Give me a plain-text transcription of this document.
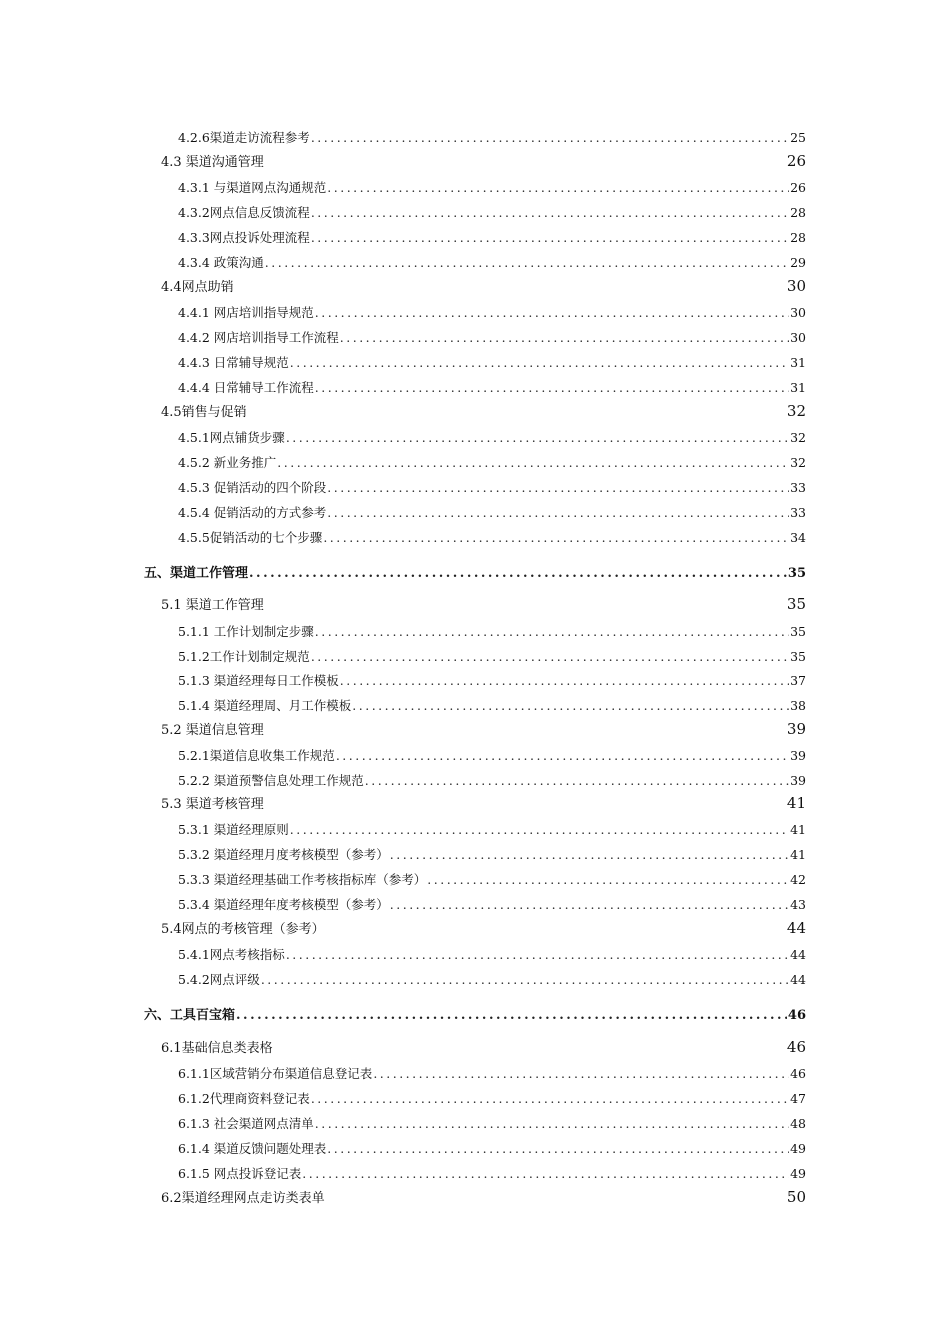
4.2.6渠道走访流程参考 .....	25
4.3 渠道沟通管理	26
4.3.1 与渠道网点沟通规范 .....	26
4.3.2网点信息反馈流程 .....	28
4.3.3网点投诉处理流程 .....	28
4.3.4 政策沟通 .....	29
4.4网点助销	30
4.4.1 网店培训指导规范 .....	30
4.4.2 网店培训指导工作流程 .....	30
4.4.3 日常辅导规范 .....	31
4.4.4 日常辅导工作流程 .....	31
4.5销售与促销	32
4.5.1网点铺货步骤 .....	32
4.5.2 新业务推广 .....	32
4.5.3 促销活动的四个阶段 .....	33
4.5.4 促销活动的方式参考 .....	33
4.5.5促销活动的七个步骤 .....	34
五、渠道工作管理 .....	35
5.1 渠道工作管理	35
5.1.1 工作计划制定步骤 .....	35
5.1.2工作计划制定规范 .....	35
5.1.3 渠道经理每日工作模板 .....	37
5.1.4 渠道经理周、月工作模板 .....	38
5.2 渠道信息管理	39
5.2.1渠道信息收集工作规范 .....	39
5.2.2 渠道预警信息处理工作规范 .....	39
5.3 渠道考核管理	41
5.3.1 渠道经理原则 .....	41
5.3.2 渠道经理月度考核模型（参考） .....	41
5.3.3 渠道经理基础工作考核指标库（参考） .....	42
5.3.4 渠道经理年度考核模型（参考） .....	43
5.4网点的考核管理（参考）	44
5.4.1网点考核指标 .....	44
5.4.2网点评级 .....	44
六、工具百宝箱 .....	46
6.1基础信息类表格	46
6.1.1区域营销分布渠道信息登记表 .....	46
6.1.2代理商资料登记表 .....	47
6.1.3 社会渠道网点清单 .....	48
6.1.4 渠道反馈问题处理表 .....	49
6.1.5 网点投诉登记表 .....	49
6.2渠道经理网点走访类表单	50
